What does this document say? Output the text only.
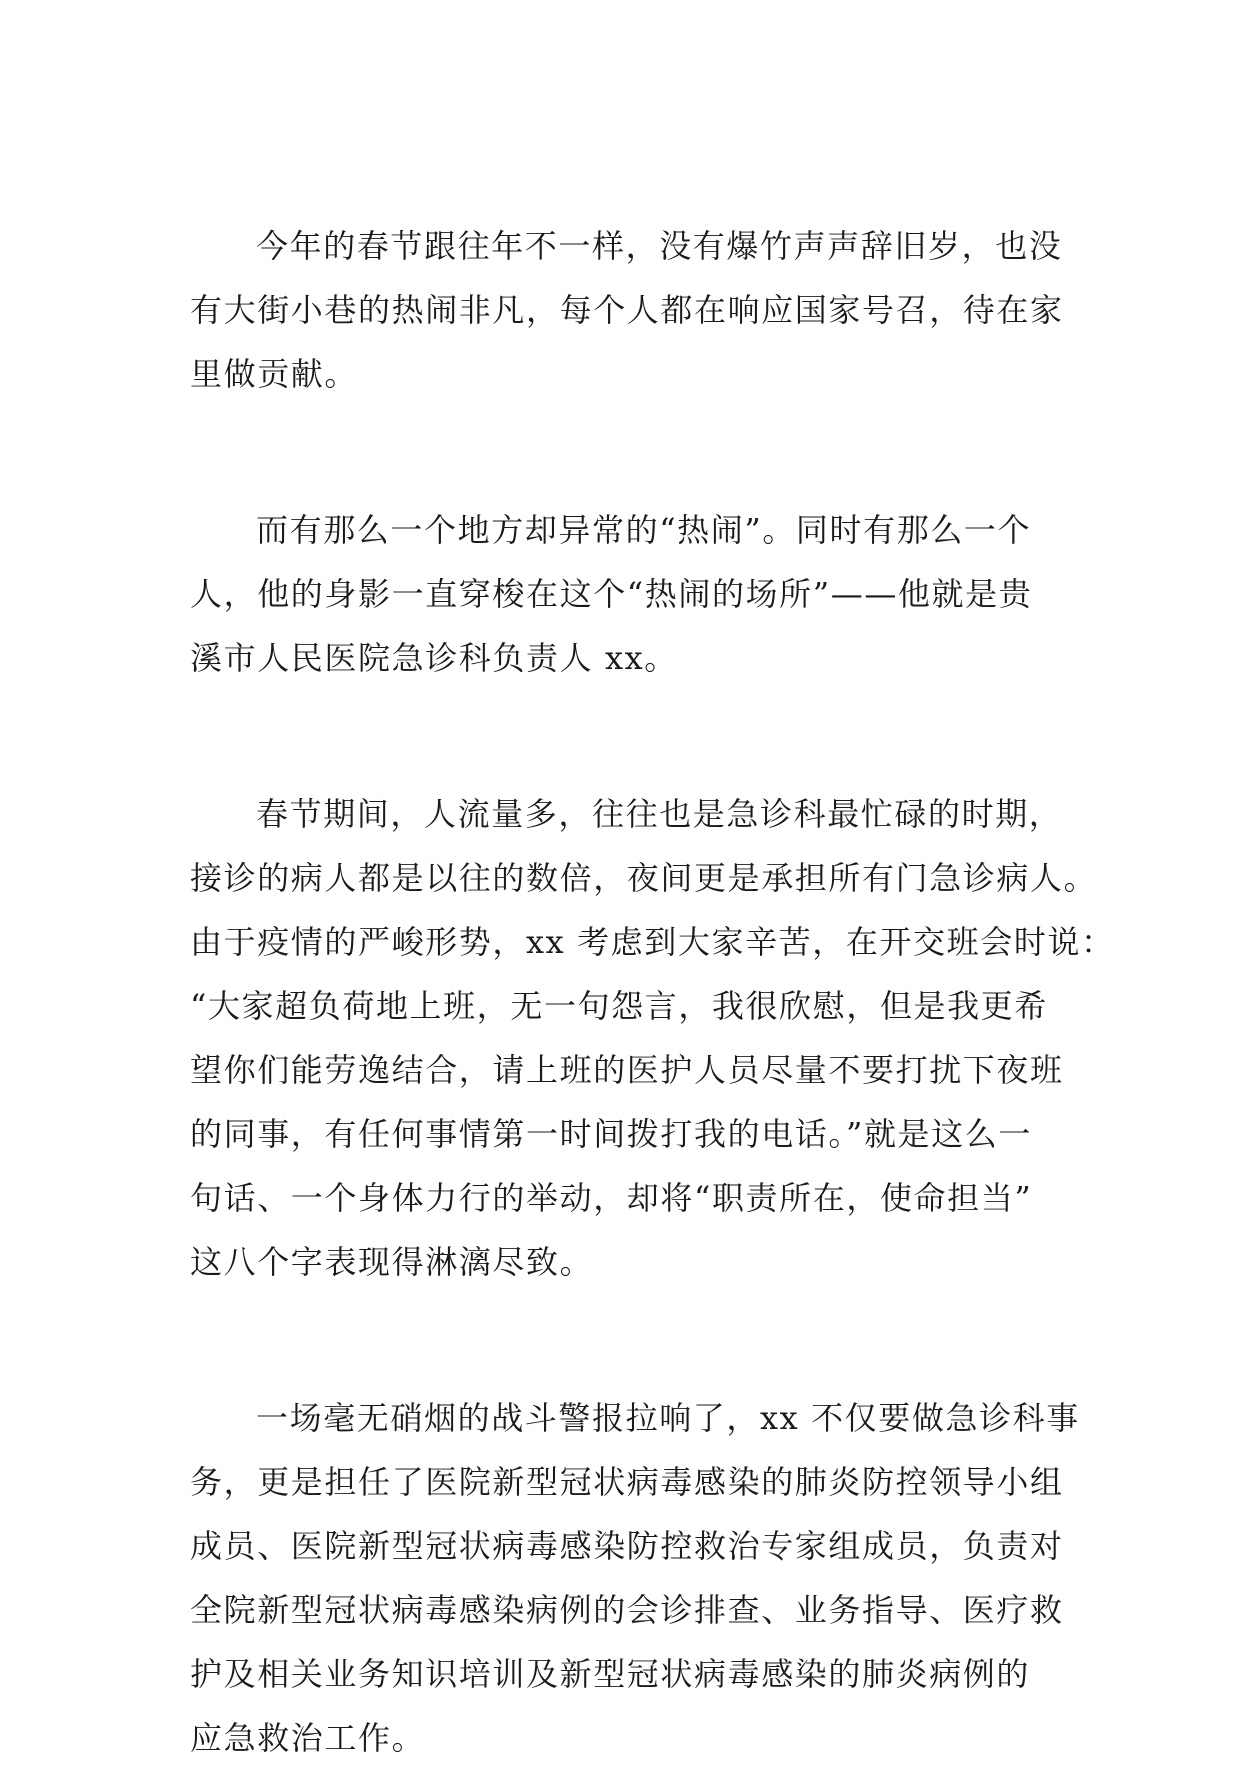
今年的春节跟往年不一样，没有爆竹声声辞旧岁，也没
有大街小巷的热闹非凡，每个人都在响应国家号召，待在家
里做贡献。
而有那么一个地方却异常的“热闹”。同时有那么一个
人，他的身影一直穿梭在这个“热闹的场所”——他就是贵
溪市人民医院急诊科负责人 xx。
春节期间，人流量多，往往也是急诊科最忙碌的时期，
接诊的病人都是以往的数倍，夜间更是承担所有门急诊病人。
由于疫情的严峻形势，xx 考虑到大家辛苦，在开交班会时说：
“大家超负荷地上班，无一句怨言，我很欣慰，但是我更希
望你们能劳逸结合，请上班的医护人员尽量不要打扰下夜班
的同事，有任何事情第一时间拨打我的电话。”就是这么一
句话、一个身体力行的举动，却将“职责所在，使命担当”
这八个字表现得淋漓尽致。
一场毫无硝烟的战斗警报拉响了，xx 不仅要做急诊科事
务，更是担任了医院新型冠状病毒感染的肺炎防控领导小组
成员、医院新型冠状病毒感染防控救治专家组成员，负责对
全院新型冠状病毒感染病例的会诊排查、业务指导、医疗救
护及相关业务知识培训及新型冠状病毒感染的肺炎病例的
应急救治工作。
